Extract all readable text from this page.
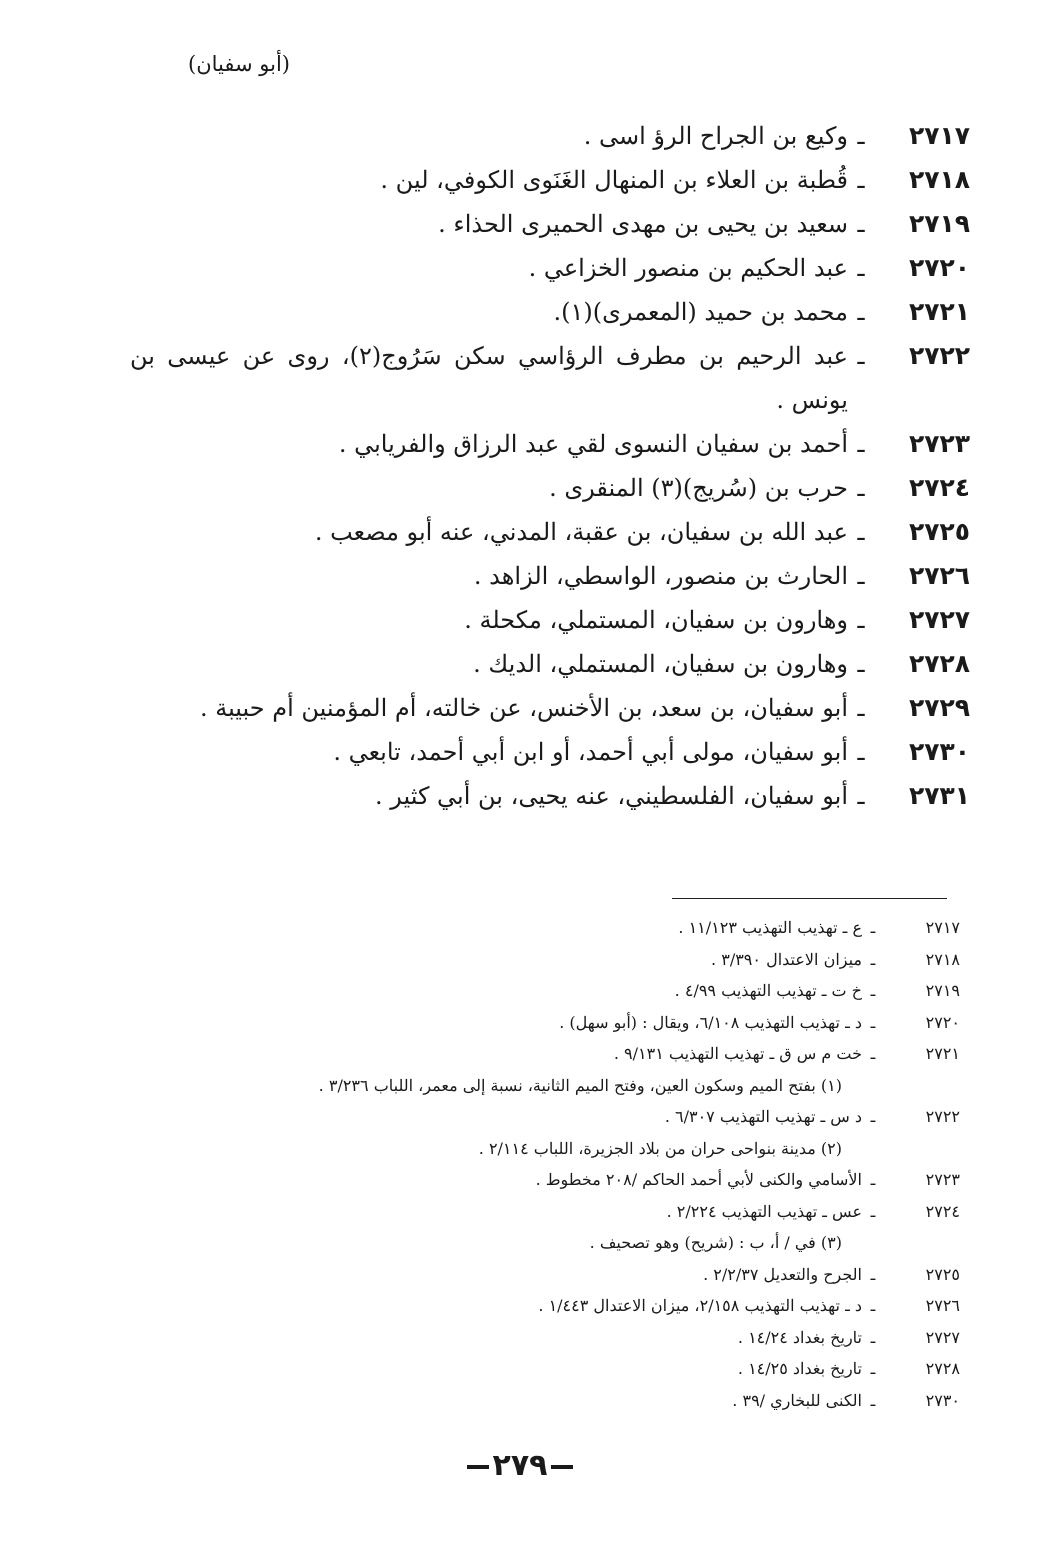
(أبو سفيان)
٢٧١٧
ـ
وكيع بن الجراح الرؤ اسى .
٢٧١٨
ـ
قُطبة بن العلاء بن المنهال الغَنَوى الكوفي، لين .
٢٧١٩
ـ
سعيد بن يحيى بن مهدى الحميرى الحذاء .
٢٧٢٠
ـ
عبد الحكيم بن منصور الخزاعي .
٢٧٢١
ـ
محمد بن حميد (المعمرى)(١).
٢٧٢٢
ـ
عبد الرحيم بن مطرف الرؤاسي سكن سَرُوج(٢)، روى عن عيسى بن يونس .
٢٧٢٣
ـ
أحمد بن سفيان النسوى لقي عبد الرزاق والفريابي .
٢٧٢٤
ـ
حرب بن (سُريج)(٣) المنقرى .
٢٧٢٥
ـ
عبد الله بن سفيان، بن عقبة، المدني، عنه أبو مصعب .
٢٧٢٦
ـ
الحارث بن منصور، الواسطي، الزاهد .
٢٧٢٧
ـ
وهارون بن سفيان، المستملي، مكحلة .
٢٧٢٨
ـ
وهارون بن سفيان، المستملي، الديك .
٢٧٢٩
ـ
أبو سفيان، بن سعد، بن الأخنس، عن خالته، أم المؤمنين أم حبيبة .
٢٧٣٠
ـ
أبو سفيان، مولى أبي أحمد، أو ابن أبي أحمد، تابعي .
٢٧٣١
ـ
أبو سفيان، الفلسطيني، عنه يحيى، بن أبي كثير .
٢٧١٧
ـ
ع ـ تهذيب التهذيب ١١/١٢٣ .
٢٧١٨
ـ
ميزان الاعتدال ٣/٣٩٠ .
٢٧١٩
ـ
خ ت ـ تهذيب التهذيب ٤/٩٩ .
٢٧٢٠
ـ
د ـ تهذيب التهذيب ٦/١٠٨، ويقال : (أبو سهل) .
٢٧٢١
ـ
خت م س ق ـ تهذيب التهذيب ٩/١٣١ .
(١) بفتح الميم وسكون العين، وفتح الميم الثانية، نسبة إلى معمر، اللباب ٣/٢٣٦ .
٢٧٢٢
ـ
د س ـ تهذيب التهذيب ٦/٣٠٧ .
(٢) مدينة بنواحى حران من بلاد الجزيرة، اللباب ٢/١١٤ .
٢٧٢٣
ـ
الأسامي والكنى لأبي أحمد الحاكم /٢٠٨ مخطوط .
٢٧٢٤
ـ
عس ـ تهذيب التهذيب ٢/٢٢٤ .
(٣) في / أ، ب : (شريح) وهو تصحيف .
٢٧٢٥
ـ
الجرح والتعديل ٢/٢/٣٧ .
٢٧٢٦
ـ
د ـ تهذيب التهذيب ٢/١٥٨، ميزان الاعتدال ١/٤٤٣ .
٢٧٢٧
ـ
تاريخ بغداد ١٤/٢٤ .
٢٧٢٨
ـ
تاريخ بغداد ١٤/٢٥ .
٢٧٣٠
ـ
الكنى للبخاري /٣٩ .
٢٧٩
